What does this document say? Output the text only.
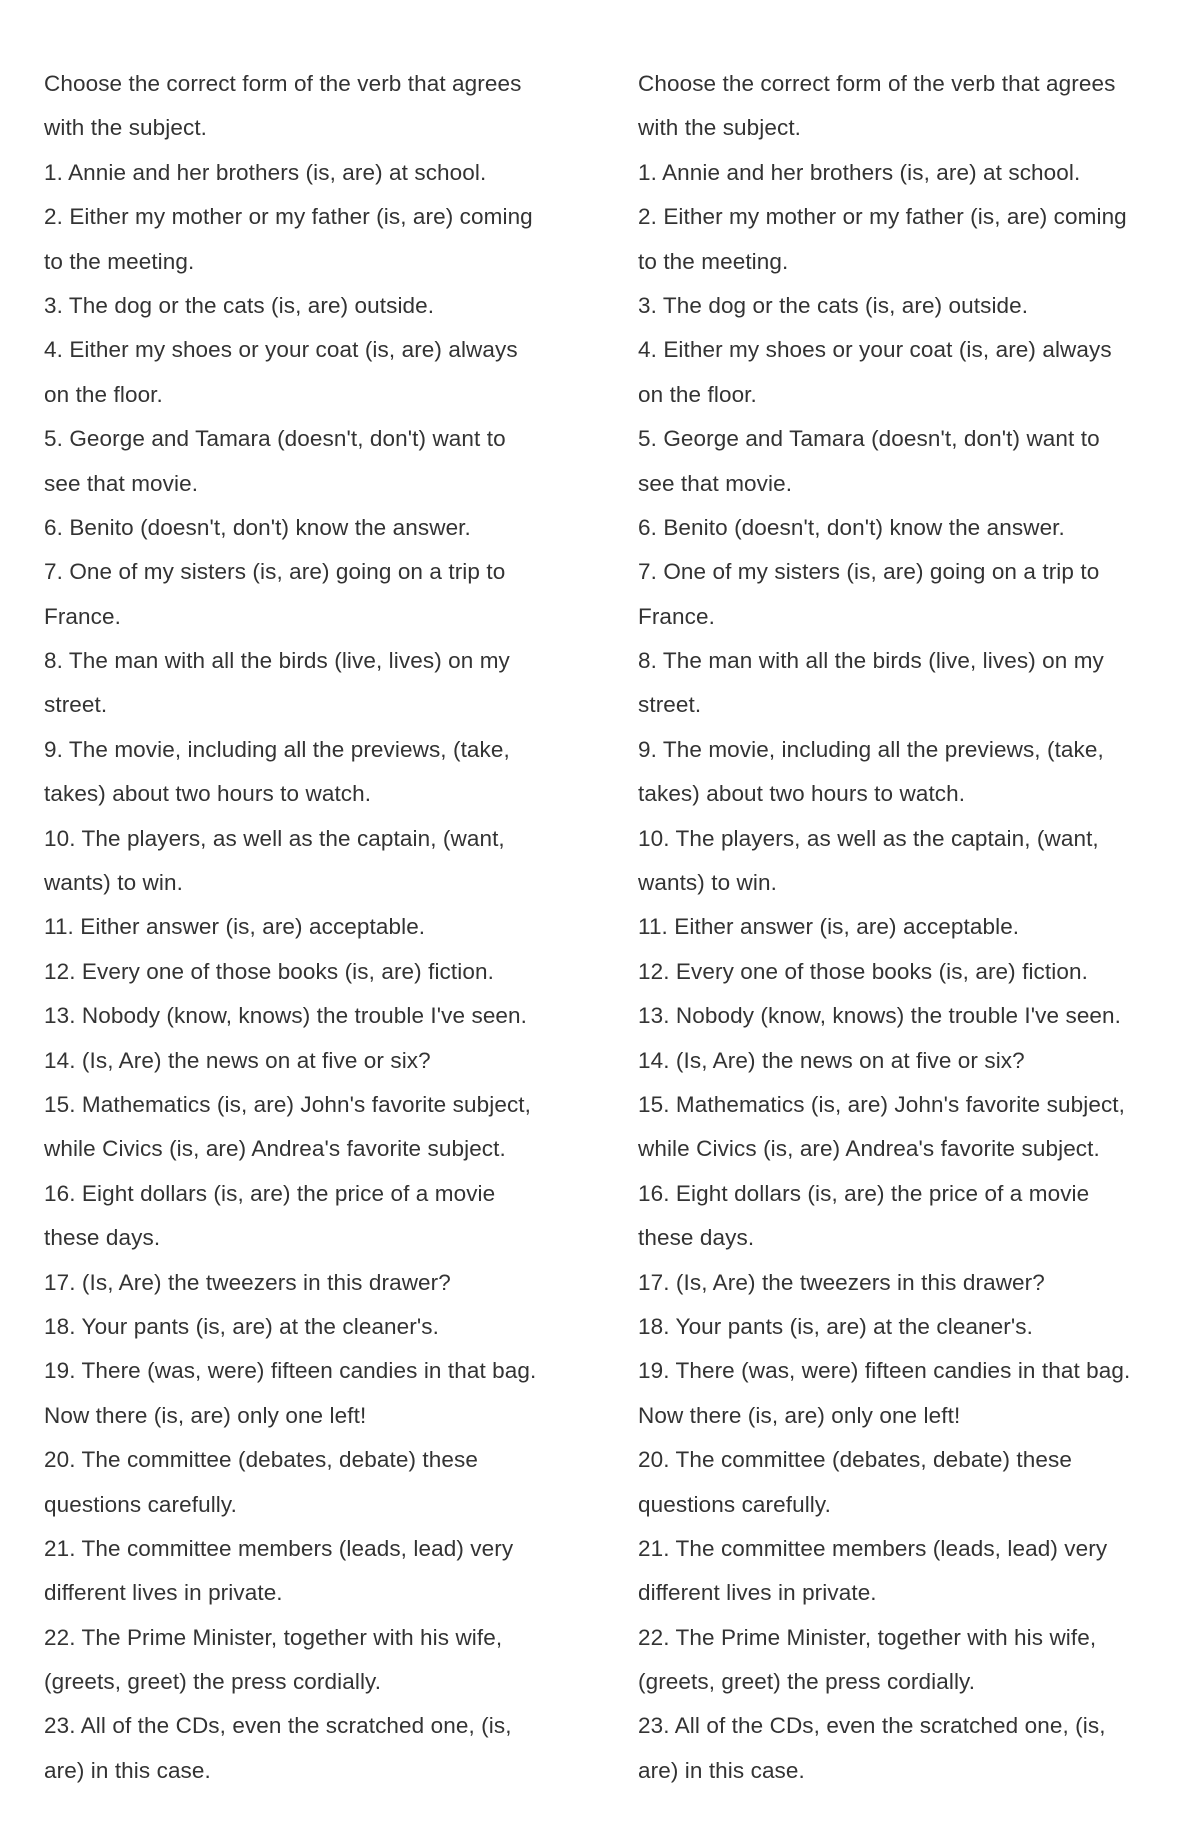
Choose the correct form of the verb that agrees
with the subject.
1. Annie and her brothers (is, are) at school.
2. Either my mother or my father (is, are) coming
to the meeting.
3. The dog or the cats (is, are) outside.
4. Either my shoes or your coat (is, are) always
on the floor.
5. George and Tamara (doesn't, don't) want to
see that movie.
6. Benito (doesn't, don't) know the answer.
7. One of my sisters (is, are) going on a trip to
France.
8. The man with all the birds (live, lives) on my
street.
9. The movie, including all the previews, (take,
takes) about two hours to watch.
10. The players, as well as the captain, (want,
wants) to win.
11. Either answer (is, are) acceptable.
12. Every one of those books (is, are) fiction.
13. Nobody (know, knows) the trouble I've seen.
14. (Is, Are) the news on at five or six?
15. Mathematics (is, are) John's favorite subject,
while Civics (is, are) Andrea's favorite subject.
16. Eight dollars (is, are) the price of a movie
these days.
17. (Is, Are) the tweezers in this drawer?
18. Your pants (is, are) at the cleaner's.
19. There (was, were) fifteen candies in that bag.
Now there (is, are) only one left!
20. The committee (debates, debate) these
questions carefully.
21. The committee members (leads, lead) very
different lives in private.
22. The Prime Minister, together with his wife,
(greets, greet) the press cordially.
23. All of the CDs, even the scratched one, (is,
are) in this case.
Choose the correct form of the verb that agrees
with the subject.
1. Annie and her brothers (is, are) at school.
2. Either my mother or my father (is, are) coming
to the meeting.
3. The dog or the cats (is, are) outside.
4. Either my shoes or your coat (is, are) always
on the floor.
5. George and Tamara (doesn't, don't) want to
see that movie.
6. Benito (doesn't, don't) know the answer.
7. One of my sisters (is, are) going on a trip to
France.
8. The man with all the birds (live, lives) on my
street.
9. The movie, including all the previews, (take,
takes) about two hours to watch.
10. The players, as well as the captain, (want,
wants) to win.
11. Either answer (is, are) acceptable.
12. Every one of those books (is, are) fiction.
13. Nobody (know, knows) the trouble I've seen.
14. (Is, Are) the news on at five or six?
15. Mathematics (is, are) John's favorite subject,
while Civics (is, are) Andrea's favorite subject.
16. Eight dollars (is, are) the price of a movie
these days.
17. (Is, Are) the tweezers in this drawer?
18. Your pants (is, are) at the cleaner's.
19. There (was, were) fifteen candies in that bag.
Now there (is, are) only one left!
20. The committee (debates, debate) these
questions carefully.
21. The committee members (leads, lead) very
different lives in private.
22. The Prime Minister, together with his wife,
(greets, greet) the press cordially.
23. All of the CDs, even the scratched one, (is,
are) in this case.
